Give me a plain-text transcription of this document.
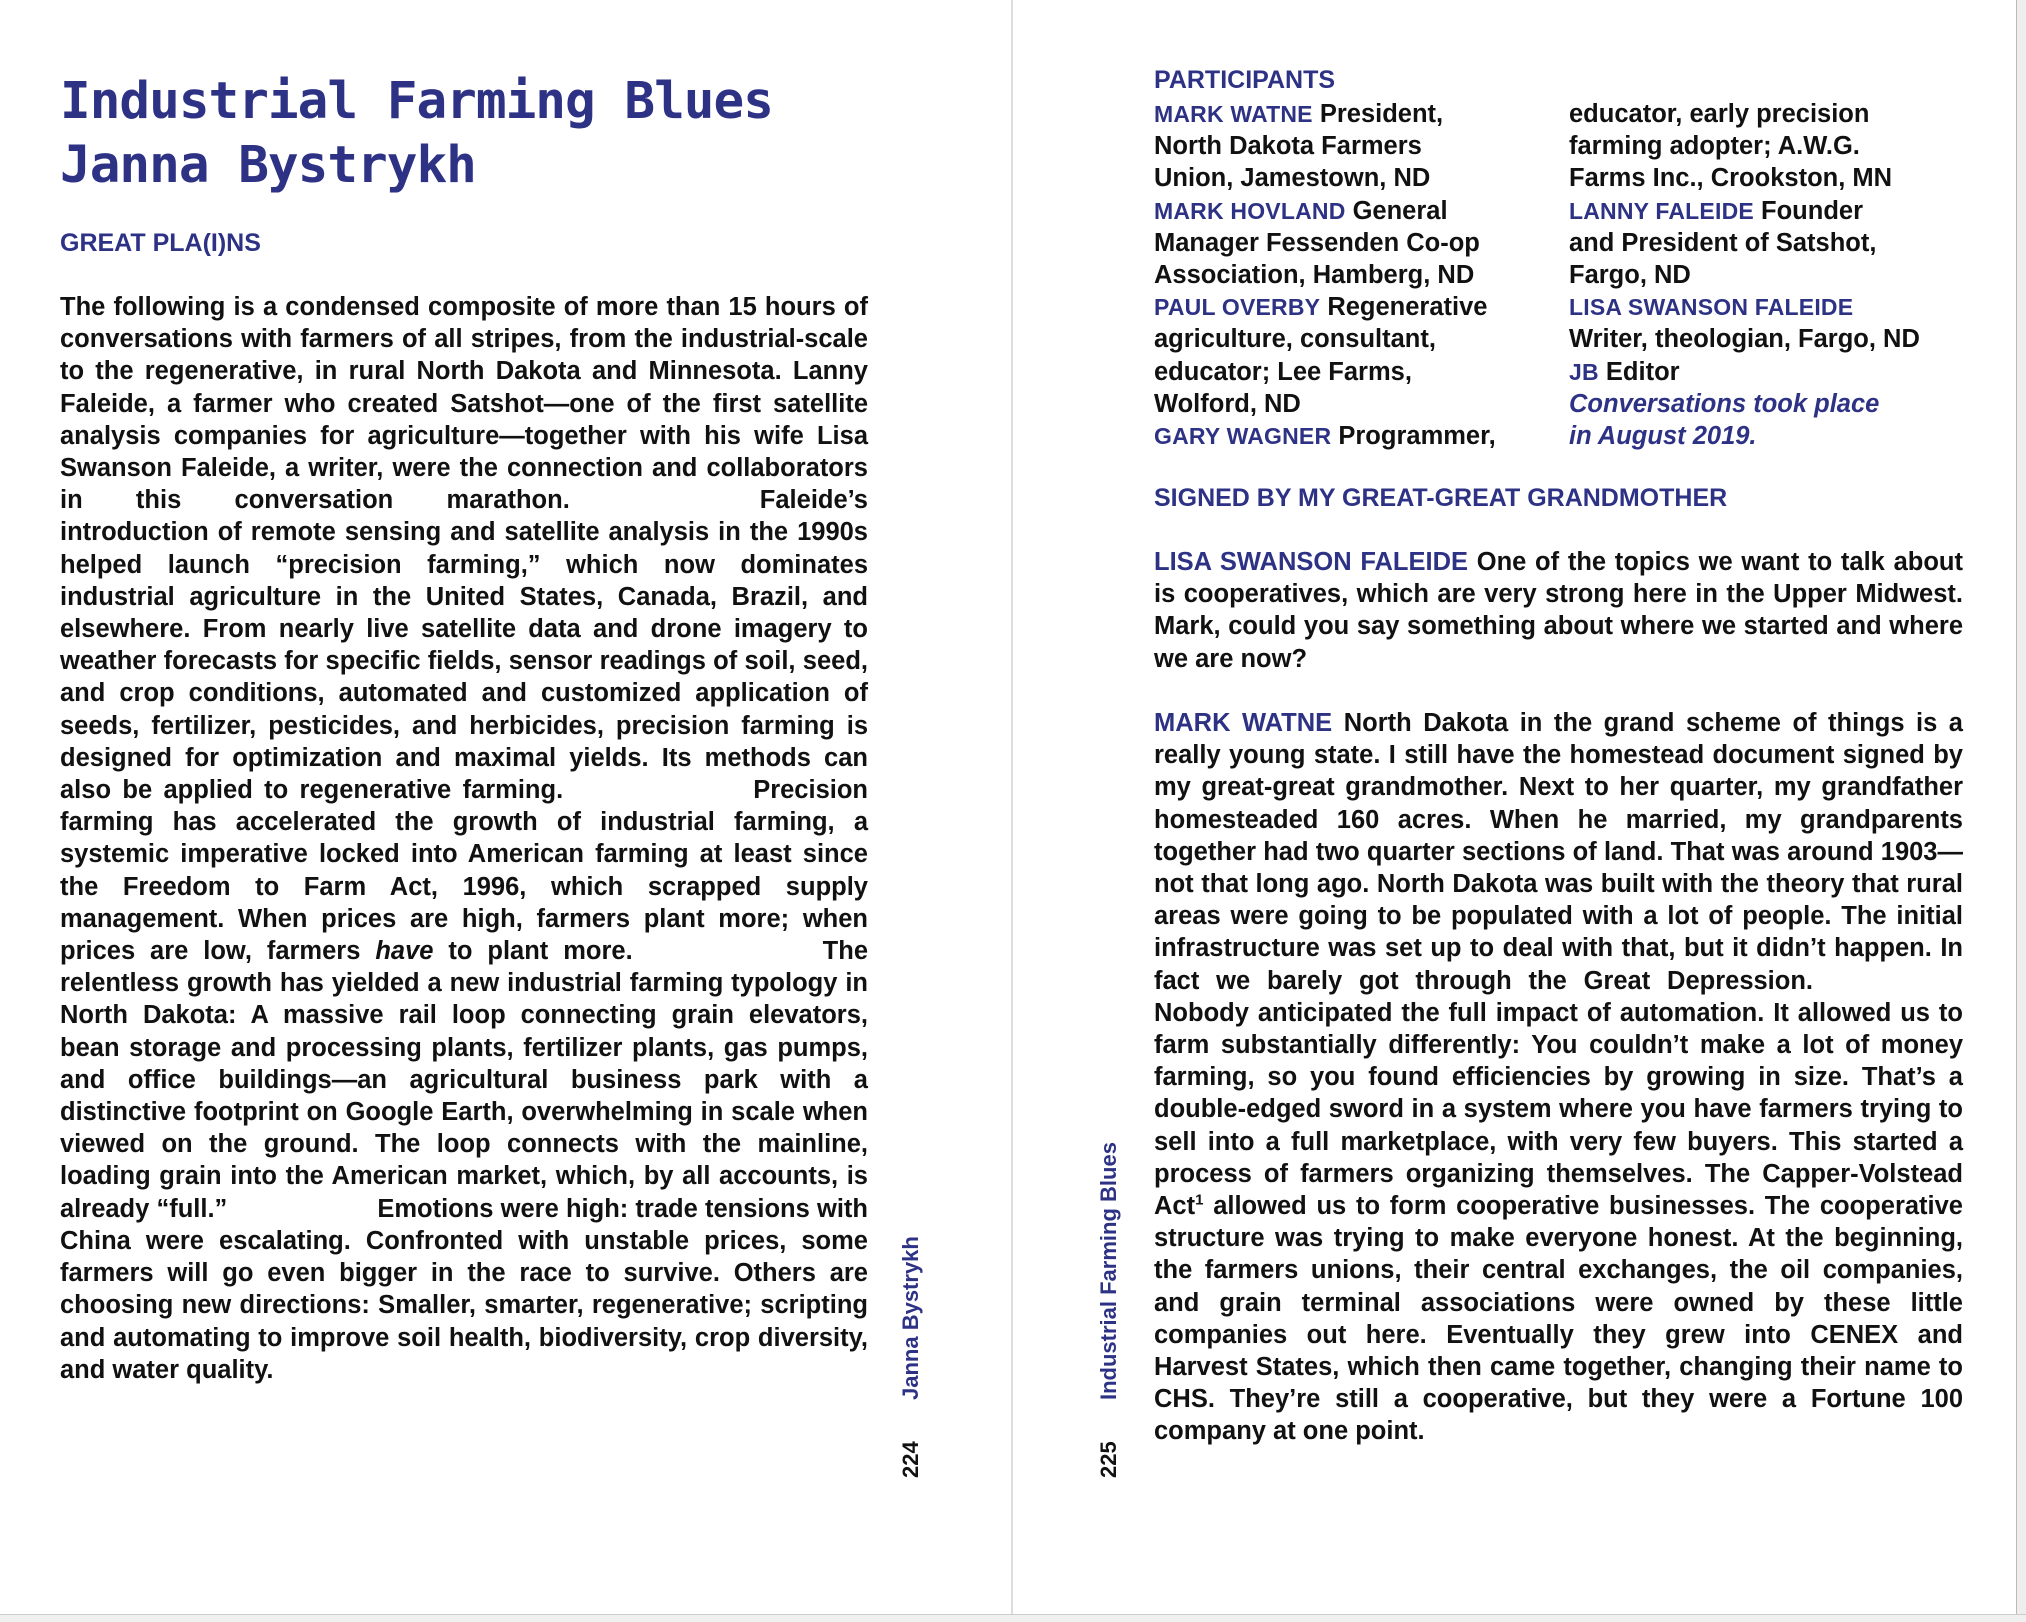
Industrial Farming Blues
Janna Bystrykh
GREAT PLA(I)NS

The following is a condensed composite of more than 15 hours of conversations with farmers of all stripes, from the industrial-scale to the regenerative, in rural North Dakota and Minnesota. Lanny Faleide, a farmer who created Satshot—one of the first satellite analysis companies for agriculture—together with his wife Lisa Swanson Faleide, a writer, were the connection and collaborators in this conversation marathon.	Faleide’s introduction of remote sensing and satellite analysis in the 1990s helped launch “precision farming,” which now dominates industrial agriculture in the United States, Canada, Brazil, and elsewhere. From nearly live satellite data and drone imagery to weather forecasts for specific fields, sensor readings of soil, seed, and crop conditions, automated and customized application of seeds, fertilizer, pesticides, and herbicides, precision farming is designed for optimization and maximal yields. Its methods can also be applied to regenerative farming.	Precision farming has accelerated the growth of industrial farming, a systemic imperative locked into American farming at least since the Freedom to Farm Act, 1996, which scrapped supply management. When prices are high, farmers plant more; when prices are low, farmers have to plant more.	The relentless growth has yielded a new industrial farming typology in North Dakota: A massive rail loop connecting grain elevators, bean storage and processing plants, fertilizer plants, gas pumps, and office buildings—an agricultural business park with a distinctive footprint on Google Earth, overwhelming in scale when viewed on the ground. The loop connects with the mainline, loading grain into the American market, which, by all accounts, is already “full.”	Emotions were high: trade tensions with China were escalating. Confronted with unstable prices, some farmers will go even bigger in the race to survive. Others are choosing new directions: Smaller, smarter, regenerative; scripting and automating to improve soil health, biodiversity, crop diversity, and water quality.	Janna Bystrykh
224
Industrial Farming Blues
225
PARTICIPANTS
MARK WATNE President,
North Dakota Farmers
Union, Jamestown, ND
MARK HOVLAND General
Manager Fessenden Co-op
Association, Hamberg, ND
PAUL OVERBY Regenerative
agriculture, consultant,
educator; Lee Farms,
Wolford, ND
GARY WAGNER Programmer,
educator, early precision
farming adopter; A.W.G.
Farms Inc., Crookston, MN
LANNY FALEIDE Founder
and President of Satshot,
Fargo, ND
LISA SWANSON FALEIDE
Writer, theologian, Fargo, ND
JB Editor
Conversations took place
in August 2019.
SIGNED BY MY GREAT-GREAT GRANDMOTHER

LISA SWANSON FALEIDE One of the topics we want to talk about is cooperatives, which are very strong here in the Upper Midwest. Mark, could you say something about where we started and where we are now?

MARK WATNE North Dakota in the grand scheme of things is a really young state. I still have the homestead document signed by my great-great grandmother. Next to her quarter, my grandfather homesteaded 160 acres. When he married, my grandparents together had two quarter sections of land. That was around 1903—not that long ago. North Dakota was built with the theory that rural areas were going to be populated with a lot of people. The initial infrastructure was set up to deal with that, but it didn’t happen. In fact we barely got through the Great Depression.Nobody anticipated the full impact of automation. It allowed us to farm substantially differently: You couldn’t make a lot of money farming, so you found efficiencies by growing in size. That’s a double-edged sword in a system where you have farmers trying to sell into a full marketplace, with very few buyers. This started a process of farmers organizing themselves. The Capper-Volstead Act$^1$ allowed us to form cooperative businesses. The cooperative structure was trying to make everyone honest. At the beginning, the farmers unions, their central exchanges, the oil companies, and grain terminal associations were owned by these little companies out here. Eventually they grew into CENEX and Harvest States, which then came together, changing their name to CHS. They’re still a cooperative, but they were a Fortune 100 company at one point.
